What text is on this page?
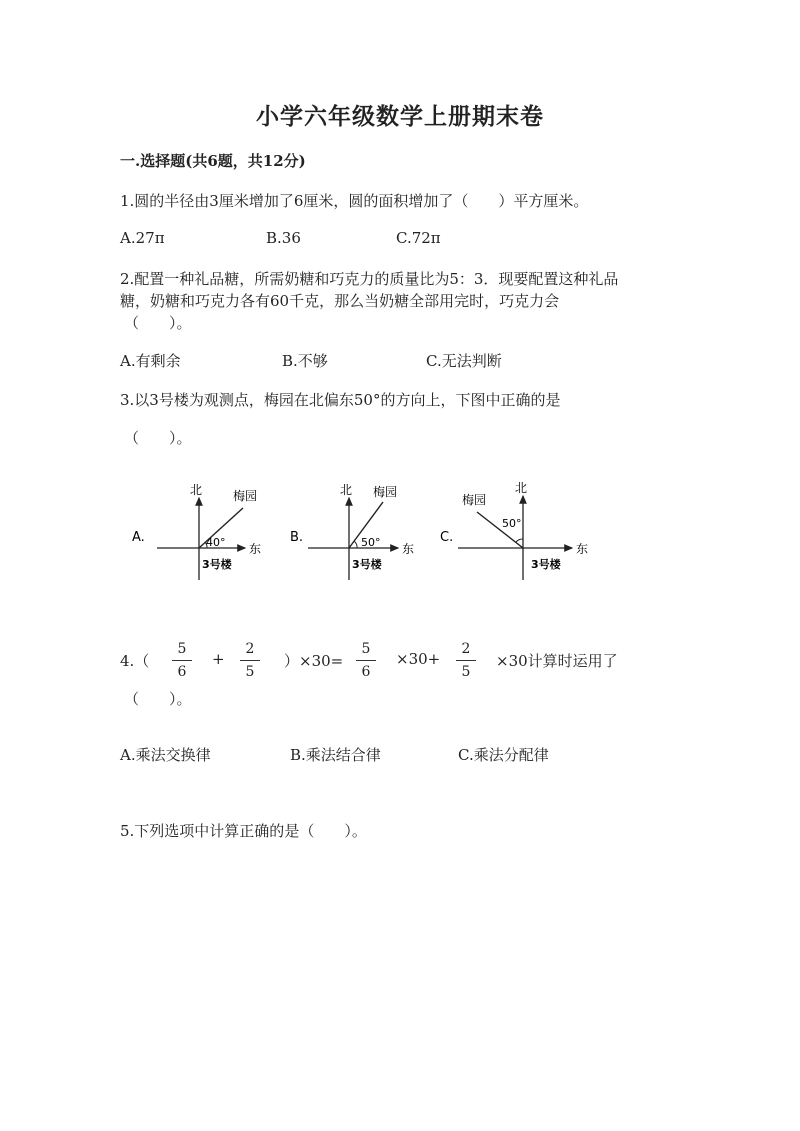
小学六年级数学上册期末卷
一.选择题(共6题，共12分)
1.圆的半径由3厘米增加了6厘米，圆的面积增加了（　　）平方厘米。
A.27π	B.36	C.72π
2.配置一种礼品糖，所需奶糖和巧克力的质量比为5：3．现要配置这种礼品
糖，奶糖和巧克力各有60千克，那么当奶糖全部用完时，巧克力会
（　　）。
A.有剩余	B.不够	C.无法判断
3.以3号楼为观测点，梅园在北偏东50°的方向上，下图中正确的是
（　　）。
A.
北	梅园
东
40°
3号楼
B.
北 梅园
东
50°
3号楼
C.
北
梅园
东
50°
3号楼
4.（
5
6
+
2
5
）×30=
5
6
×30+
2
5
×30计算时运用了
（　　）。
A.乘法交换律	B.乘法结合律	C.乘法分配律
5.下列选项中计算正确的是（　　）。
